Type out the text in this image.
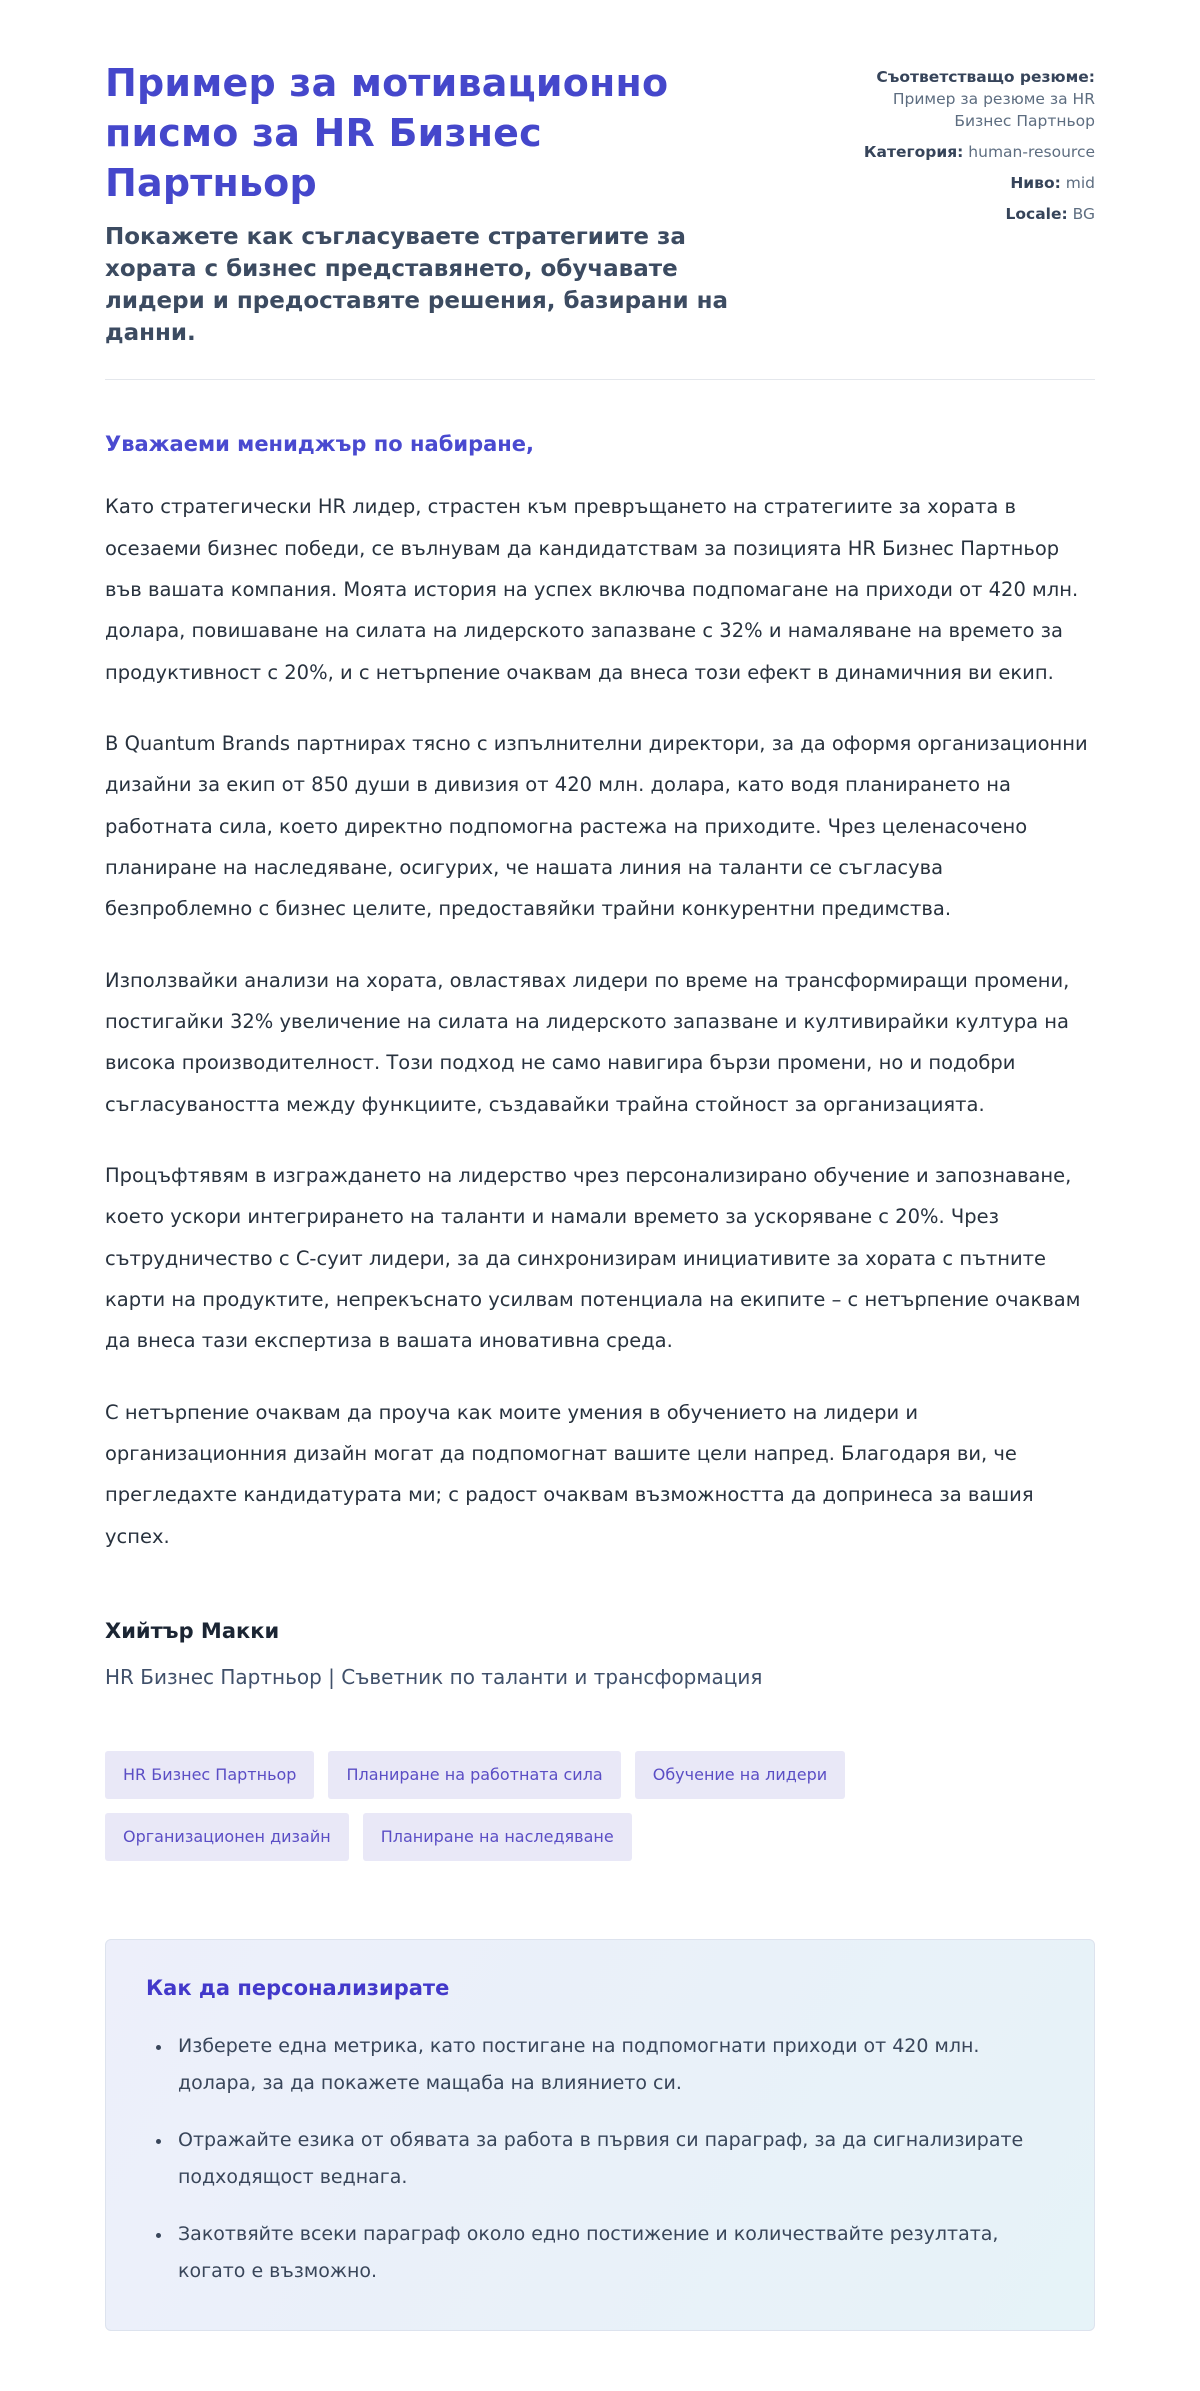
Пример за мотивационно писмо за HR Бизнес Партньор
Покажете как съгласуваете стратегиите за хората с бизнес представянето, обучавате лидери и предоставяте решения, базирани на данни.
Съответстващо резюме: Пример за резюме за HR Бизнес Партньор
Категория: human-resource
Ниво: mid
Locale: BG
Уважаеми мениджър по набиране,

Като стратегически HR лидер, страстен към превръщането на стратегиите за хората в осезаеми бизнес победи, се вълнувам да кандидатствам за позицията HR Бизнес Партньор във вашата компания. Моята история на успех включва подпомагане на приходи от 420 млн. долара, повишаване на силата на лидерското запазване с 32% и намаляване на времето за продуктивност с 20%, и с нетърпение очаквам да внеса този ефект в динамичния ви екип.

В Quantum Brands партнирах тясно с изпълнителни директори, за да оформя организационни дизайни за екип от 850 души в дивизия от 420 млн. долара, като водя планирането на работната сила, което директно подпомогна растежа на приходите. Чрез целенасочено планиране на наследяване, осигурих, че нашата линия на таланти се съгласува безпроблемно с бизнес целите, предоставяйки трайни конкурентни предимства.

Използвайки анализи на хората, овластявах лидери по време на трансформиращи промени, постигайки 32% увеличение на силата на лидерското запазване и култивирайки култура на висока производителност. Този подход не само навигира бързи промени, но и подобри съгласуваността между функциите, създавайки трайна стойност за организацията.

Процъфтявям в изграждането на лидерство чрез персонализирано обучение и запознаване, което ускори интегрирането на таланти и намали времето за ускоряване с 20%. Чрез сътрудничество с C-суит лидери, за да синхронизирам инициативите за хората с пътните карти на продуктите, непрекъснато усилвам потенциала на екипите – с нетърпение очаквам да внеса тази експертиза в вашата иновативна среда.

С нетърпение очаквам да проуча как моите умения в обучението на лидери и организационния дизайн могат да подпомогнат вашите цели напред. Благодаря ви, че прегледахте кандидатурата ми; с радост очаквам възможността да допринеса за вашия успех.

Хийтър Макки
HR Бизнес Партньор | Съветник по таланти и трансформация
HR Бизнес Партньор	Планиране на работната сила	Обучение на лидери
Организационен дизайн	Планиране на наследяване
Как да персонализирате
• Изберете една метрика, като постигане на подпомогнати приходи от 420 млн. долара, за да покажете мащаба на влиянието си.
• Отражайте езика от обявата за работа в първия си параграф, за да сигнализирате подходящост веднага.
• Закотвяйте всеки параграф около едно постижение и количествайте резултата, когато е възможно.
